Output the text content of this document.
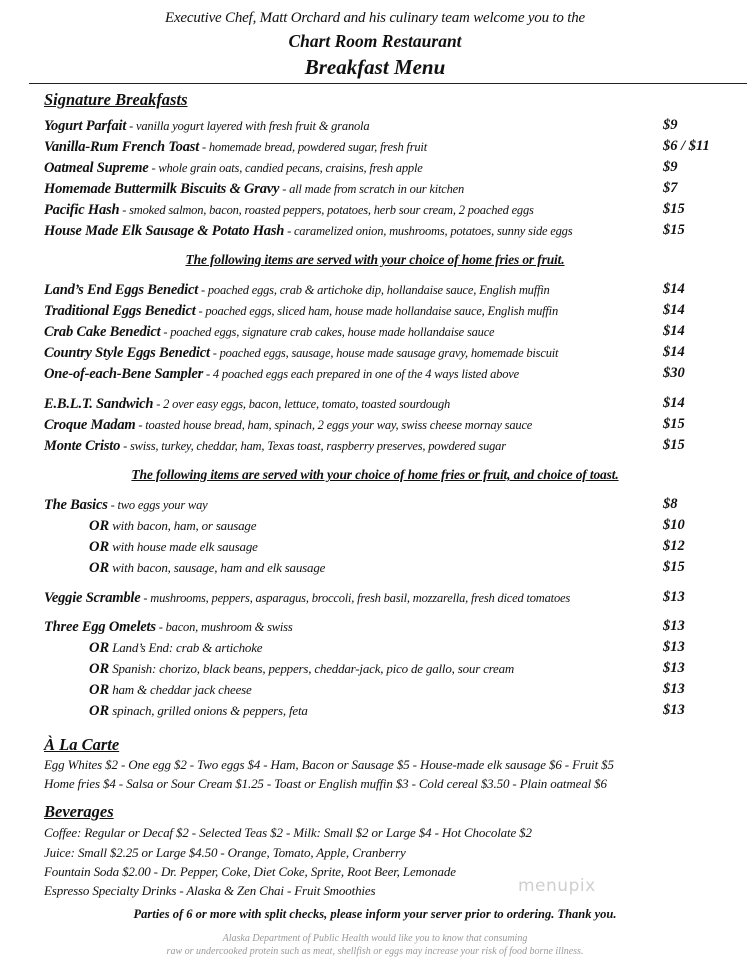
Executive Chef, Matt Orchard and his culinary team welcome you to the
Chart Room Restaurant
Breakfast Menu
Signature Breakfasts
Yogurt Parfait - vanilla yogurt layered with fresh fruit & granola	$9
Vanilla-Rum French Toast - homemade bread, powdered sugar, fresh fruit	$6 / $11
Oatmeal Supreme - whole grain oats, candied pecans, craisins, fresh apple	$9
Homemade Buttermilk Biscuits & Gravy - all made from scratch in our kitchen	$7
Pacific Hash - smoked salmon, bacon, roasted peppers, potatoes, herb sour cream, 2 poached eggs	$15
House Made Elk Sausage & Potato Hash - caramelized onion, mushrooms, potatoes, sunny side eggs	$15
The following items are served with your choice of home fries or fruit.
Land’s End Eggs Benedict - poached eggs, crab & artichoke dip, hollandaise sauce, English muffin	$14
Traditional Eggs Benedict - poached eggs, sliced ham, house made hollandaise sauce, English muffin	$14
Crab Cake Benedict - poached eggs, signature crab cakes, house made hollandaise sauce	$14
Country Style Eggs Benedict - poached eggs, sausage, house made sausage gravy, homemade biscuit	$14
One-of-each-Bene Sampler - 4 poached eggs each prepared in one of the 4 ways listed above	$30
E.B.L.T. Sandwich - 2 over easy eggs, bacon, lettuce, tomato, toasted sourdough	$14
Croque Madam - toasted house bread, ham, spinach, 2 eggs your way, swiss cheese mornay sauce	$15
Monte Cristo - swiss, turkey, cheddar, ham, Texas toast, raspberry preserves, powdered sugar	$15
The following items are served with your choice of home fries or fruit, and choice of toast.
The Basics - two eggs your way	$8
OR with bacon, ham, or sausage	$10
OR with house made elk sausage	$12
OR with bacon, sausage, ham and elk sausage	$15
Veggie Scramble - mushrooms, peppers, asparagus, broccoli, fresh basil, mozzarella, fresh diced tomatoes	$13
Three Egg Omelets - bacon, mushroom & swiss	$13
OR Land’s End: crab & artichoke	$13
OR Spanish: chorizo, black beans, peppers, cheddar-jack, pico de gallo, sour cream	$13
OR ham & cheddar jack cheese	$13
OR spinach, grilled onions & peppers, feta	$13
À La Carte
Egg Whites $2 - One egg $2 - Two eggs $4 - Ham, Bacon or Sausage $5 - House-made elk sausage $6 - Fruit $5
Home fries $4 - Salsa or Sour Cream $1.25 - Toast or English muffin $3 - Cold cereal $3.50 - Plain oatmeal $6
Beverages
Coffee: Regular or Decaf $2 - Selected Teas $2 - Milk: Small $2 or Large $4 - Hot Chocolate $2
Juice: Small $2.25 or Large $4.50 - Orange, Tomato, Apple, Cranberry
Fountain Soda $2.00 - Dr. Pepper, Coke, Diet Coke, Sprite, Root Beer, Lemonade
Espresso Specialty Drinks - Alaska & Zen Chai - Fruit Smoothies	menupix
Parties of 6 or more with split checks, please inform your server prior to ordering. Thank you.
Alaska Department of Public Health would like you to know that consuming
raw or undercooked protein such as meat, shellfish or eggs may increase your risk of food borne illness.
